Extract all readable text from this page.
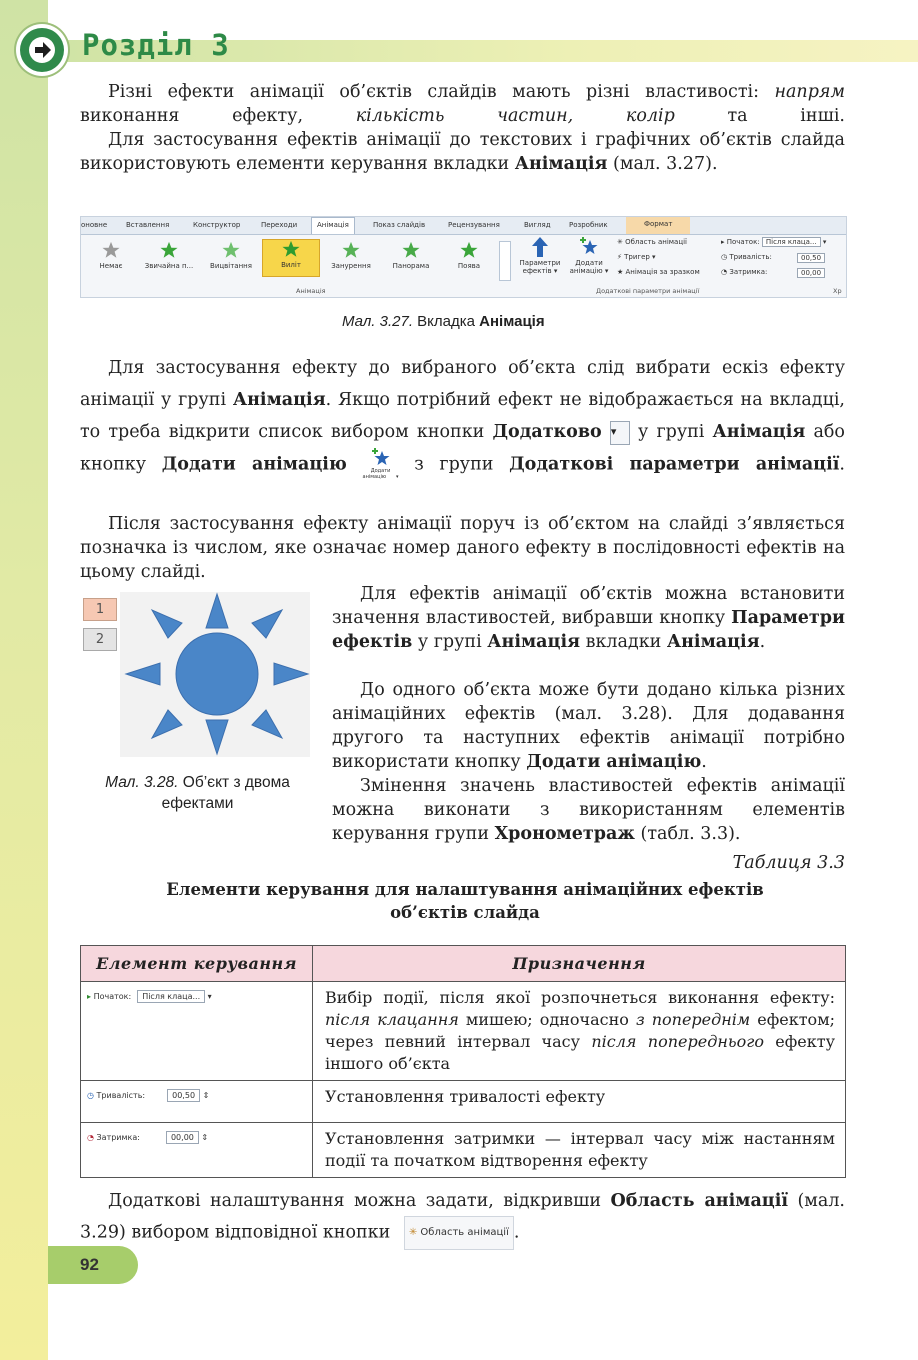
Розділ 3

Різні ефекти анімації об’єктів слайдів мають різні властивості: напрям виконання ефекту, кількість частин, колір та інші.

Для застосування ефектів анімації до текстових і графічних об’єктів слайда використовують елементи керування вкладки Анімація (мал. 3.27).

оновне	Вставлення	Конструктор	Переходи	Анімація	Показ слайдів	Рецензування	Вигляд	Розробник	Формат
Немає	Звичайна п...	Вицвітання	Виліт	Занурення	Панорама	Поява	Параметри ефектів ▾
Додати анімацію ▾
✳ Область анімації
⚡ Тригер ▾
★ Анімація за зразком
▸ Початок: Після клаца... ▾
◷ Тривалість:	00,50
◔ Затримка:	00,00
Анімація	Додаткові параметри анімації	Хр
Мал. 3.27. Вкладка Анімація

Для застосування ефекту до вибраного об’єкта слід вибрати ескіз ефекту анімації у групі Анімація. Якщо потрібний ефект не відображається на вкладці, то треба відкрити список вибором кнопки Додатково ▾ у групі Анімація або кнопку Додати анімацію	Додати анімацію ▾ з групи Додаткові параметри анімації.

Після застосування ефекту анімації поруч із об’єктом на слайді з’являється позначка із числом, яке означає номер даного ефекту в послідовності ефектів на цьому слайді.

1
2
Мал. 3.28. Об’єкт з двома ефектами

Для ефектів анімації об’єктів можна встановити значення властивостей, вибравши кнопку Параметри ефектів у групі Анімація вкладки Анімація.

До одного об’єкта може бути додано кілька різних анімаційних ефектів (мал. 3.28). Для додавання другого та наступних ефектів анімації потрібно використати кнопку Додати анімацію.

Змінення значень властивостей ефектів анімації можна виконати з використанням елементів керування групи Хронометраж (табл. 3.3).

Таблиця 3.3
Елементи керування для налаштування анімаційних ефектів об’єктів слайда
Елемент керування	Призначення
▸ Початок: Після клаца... ▾	Вибір події, після якої розпочнеться виконання ефекту: після клацання мишею; одночасно з попереднім ефектом; через певний інтервал часу після попереднього ефекту іншого об’єкта
◷ Тривалість: 00,50 ⇕	Установлення тривалості ефекту
◔ Затримка: 00,00 ⇕	Установлення затримки — інтервал часу між настанням події та початком відтворення ефекту

Додаткові налаштування можна задати, відкривши Область анімації (мал. 3.29) вибором відповідної кнопки ✳ Область анімації .

92
